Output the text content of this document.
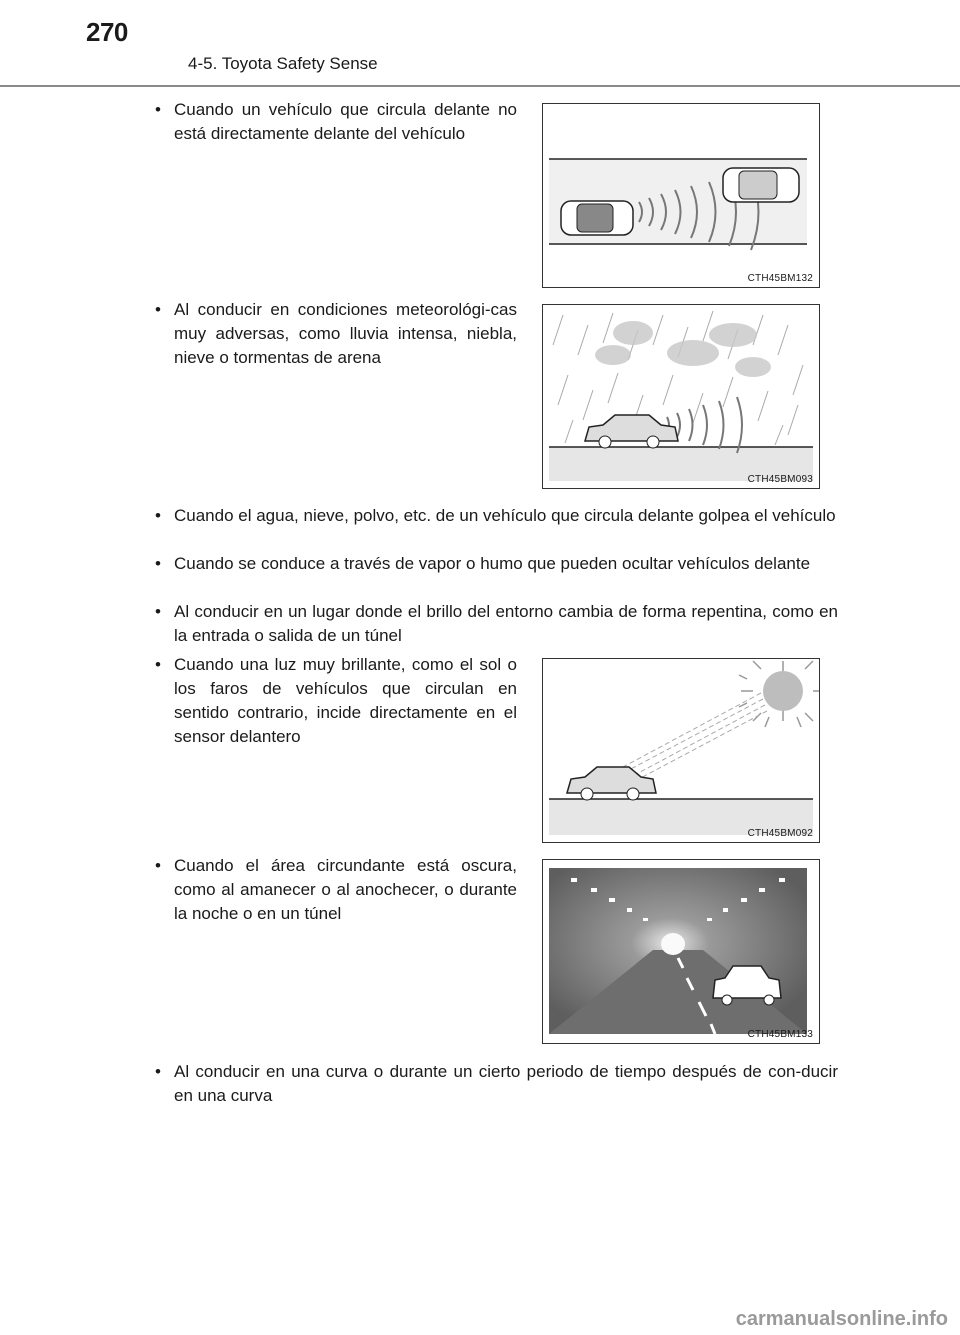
270
4-5. Toyota Safety Sense
• Cuando un vehículo que circula delante no está directamente delante del vehículo
CTH45BM132
• Al conducir en condiciones meteorológi-cas muy adversas, como lluvia intensa, niebla, nieve o tormentas de arena
CTH45BM093
• Cuando el agua, nieve, polvo, etc. de un vehículo que circula delante golpea el vehículo
• Cuando se conduce a través de vapor o humo que pueden ocultar vehículos delante
• Al conducir en un lugar donde el brillo del entorno cambia de forma repentina, como en la entrada o salida de un túnel
• Cuando una luz muy brillante, como el sol o los faros de vehículos que circulan en sentido contrario, incide directamente en el sensor delantero
CTH45BM092
• Cuando el área circundante está oscura, como al amanecer o al anochecer, o durante la noche o en un túnel
CTH45BM133
• Al conducir en una curva o durante un cierto periodo de tiempo después de con-ducir en una curva
carmanualsonline.info
